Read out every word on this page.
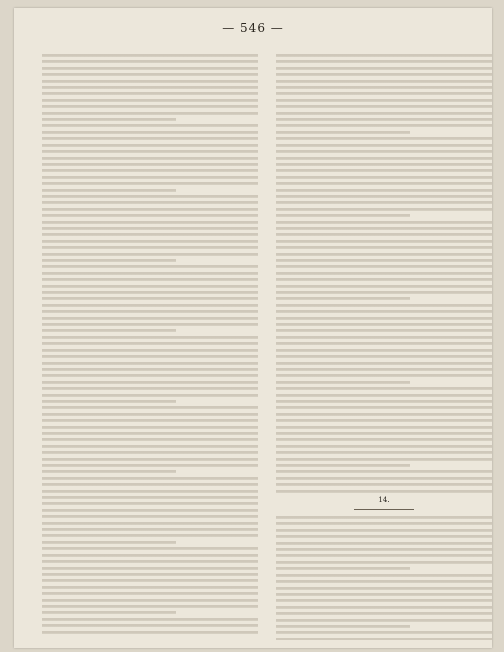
— 546 —
14.
